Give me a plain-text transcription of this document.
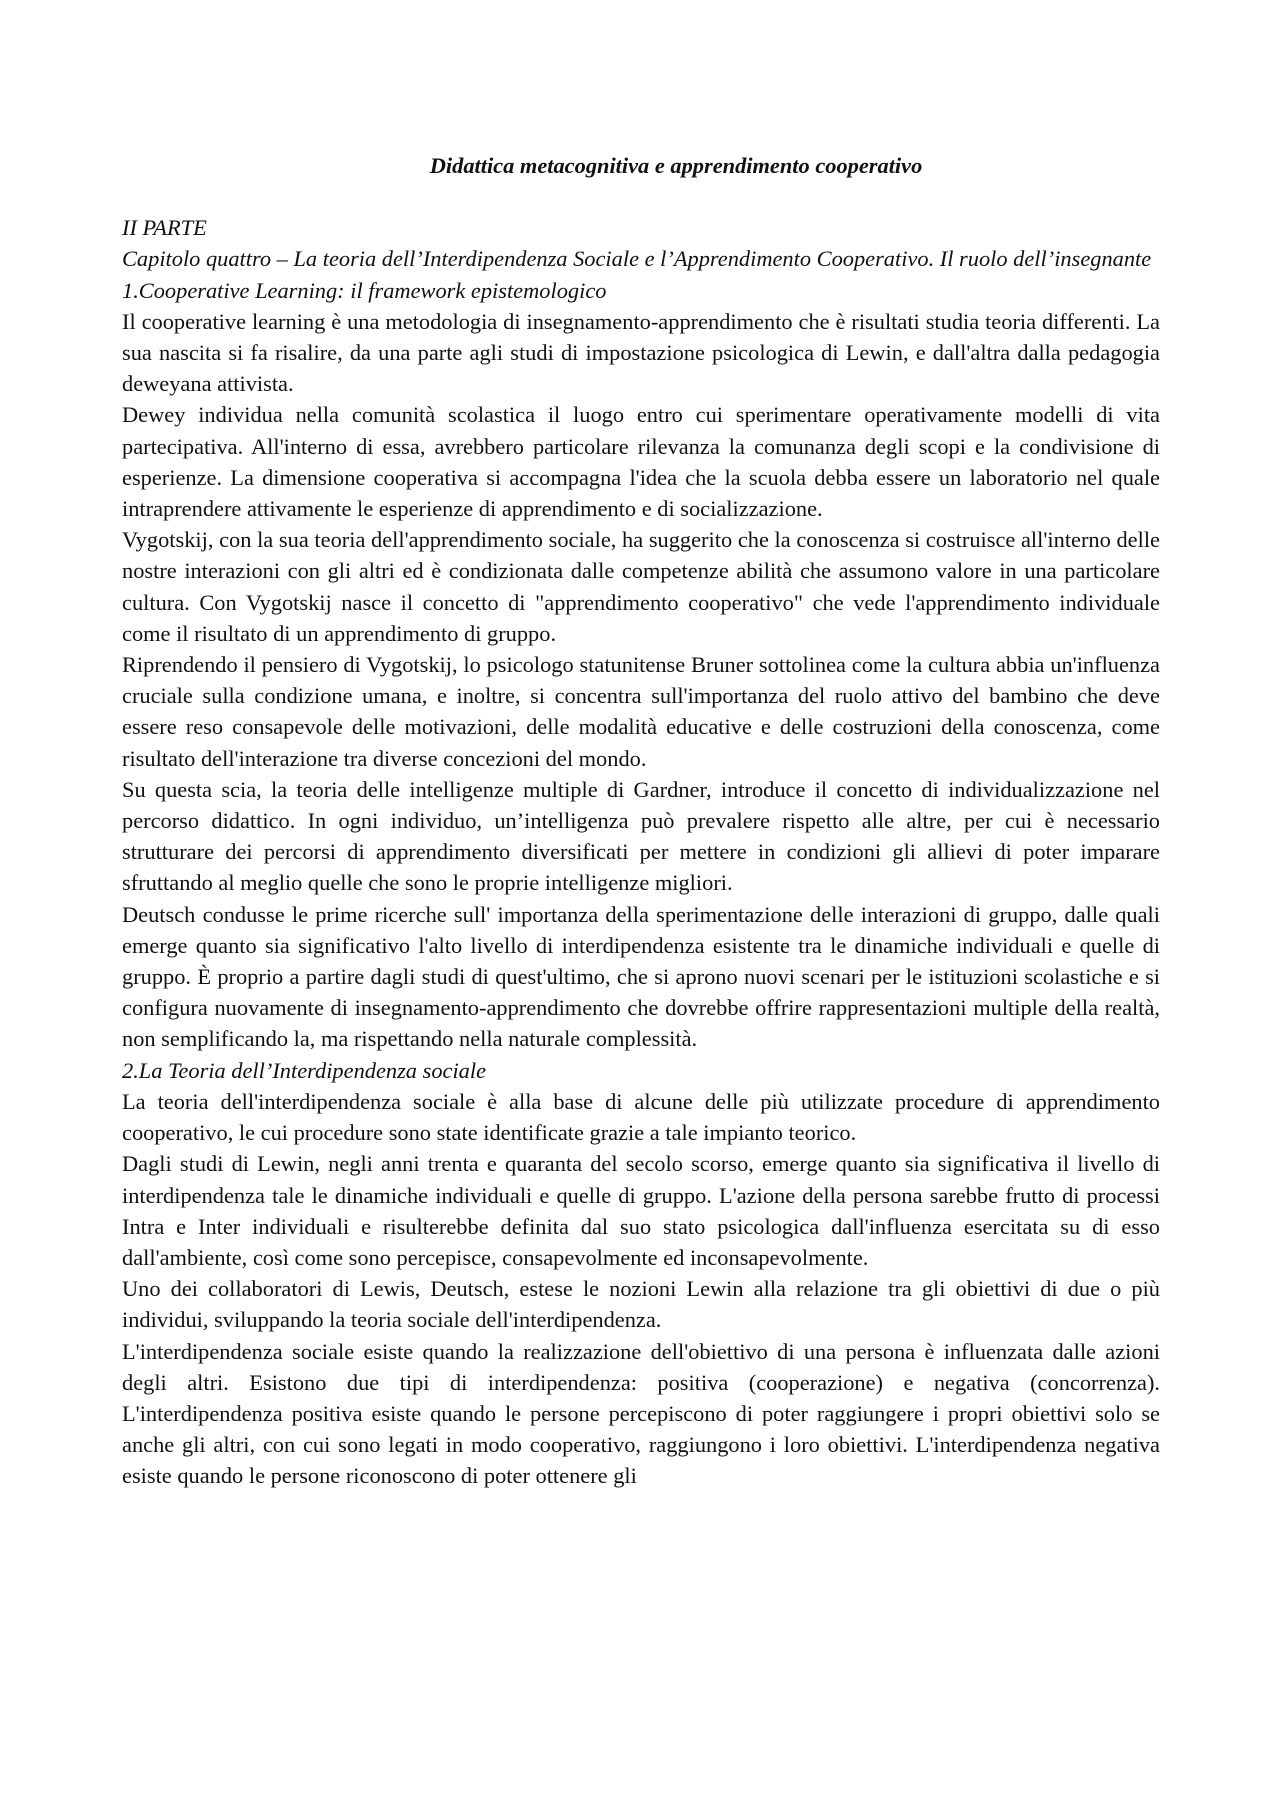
Didattica metacognitiva e apprendimento cooperativo

II PARTE

Capitolo quattro – La teoria dell’Interdipendenza Sociale e l’Apprendimento Cooperativo. Il ruolo dell’insegnante

1.Cooperative Learning: il framework epistemologico

Il cooperative learning è una metodologia di insegnamento-apprendimento che è risultati studia teoria differenti. La sua nascita si fa risalire, da una parte agli studi di impostazione psicologica di Lewin, e dall'altra dalla pedagogia deweyana attivista.

Dewey individua nella comunità scolastica il luogo entro cui sperimentare operativamente modelli di vita partecipativa. All'interno di essa, avrebbero particolare rilevanza la comunanza degli scopi e la condivisione di esperienze. La dimensione cooperativa si accompagna l'idea che la scuola debba essere un laboratorio nel quale intraprendere attivamente le esperienze di apprendimento e di socializzazione.

Vygotskij, con la sua teoria dell'apprendimento sociale, ha suggerito che la conoscenza si costruisce all'interno delle nostre interazioni con gli altri ed è condizionata dalle competenze abilità che assumono valore in una particolare cultura. Con Vygotskij nasce il concetto di "apprendimento cooperativo" che vede l'apprendimento individuale come il risultato di un apprendimento di gruppo.

Riprendendo il pensiero di Vygotskij, lo psicologo statunitense Bruner sottolinea come la cultura abbia un'influenza cruciale sulla condizione umana, e inoltre, si concentra sull'importanza del ruolo attivo del bambino che deve essere reso consapevole delle motivazioni, delle modalità educative e delle costruzioni della conoscenza, come risultato dell'interazione tra diverse concezioni del mondo.

Su questa scia, la teoria delle intelligenze multiple di Gardner, introduce il concetto di individualizzazione nel percorso didattico. In ogni individuo, un’intelligenza può prevalere rispetto alle altre, per cui è necessario strutturare dei percorsi di apprendimento diversificati per mettere in condizioni gli allievi di poter imparare sfruttando al meglio quelle che sono le proprie intelligenze migliori.

Deutsch condusse le prime ricerche sull' importanza della sperimentazione delle interazioni di gruppo, dalle quali emerge quanto sia significativo l'alto livello di interdipendenza esistente tra le dinamiche individuali e quelle di gruppo. È proprio a partire dagli studi di quest'ultimo, che si aprono nuovi scenari per le istituzioni scolastiche e si configura nuovamente di insegnamento-apprendimento che dovrebbe offrire rappresentazioni multiple della realtà, non semplificando la, ma rispettando nella naturale complessità.

2.La Teoria dell’Interdipendenza sociale

La teoria dell'interdipendenza sociale è alla base di alcune delle più utilizzate procedure di apprendimento cooperativo, le cui procedure sono state identificate grazie a tale impianto teorico.

Dagli studi di Lewin, negli anni trenta e quaranta del secolo scorso, emerge quanto sia significativa il livello di interdipendenza tale le dinamiche individuali e quelle di gruppo. L'azione della persona sarebbe frutto di processi Intra e Inter individuali e risulterebbe definita dal suo stato psicologica dall'influenza esercitata su di esso dall'ambiente, così come sono percepisce, consapevolmente ed inconsapevolmente.

Uno dei collaboratori di Lewis, Deutsch, estese le nozioni Lewin alla relazione tra gli obiettivi di due o più individui, sviluppando la teoria sociale dell'interdipendenza.

L'interdipendenza sociale esiste quando la realizzazione dell'obiettivo di una persona è influenzata dalle azioni degli altri. Esistono due tipi di interdipendenza: positiva (cooperazione) e negativa (concorrenza). L'interdipendenza positiva esiste quando le persone percepiscono di poter raggiungere i propri obiettivi solo se anche gli altri, con cui sono legati in modo cooperativo, raggiungono i loro obiettivi. L'interdipendenza negativa esiste quando le persone riconoscono di poter ottenere gli
